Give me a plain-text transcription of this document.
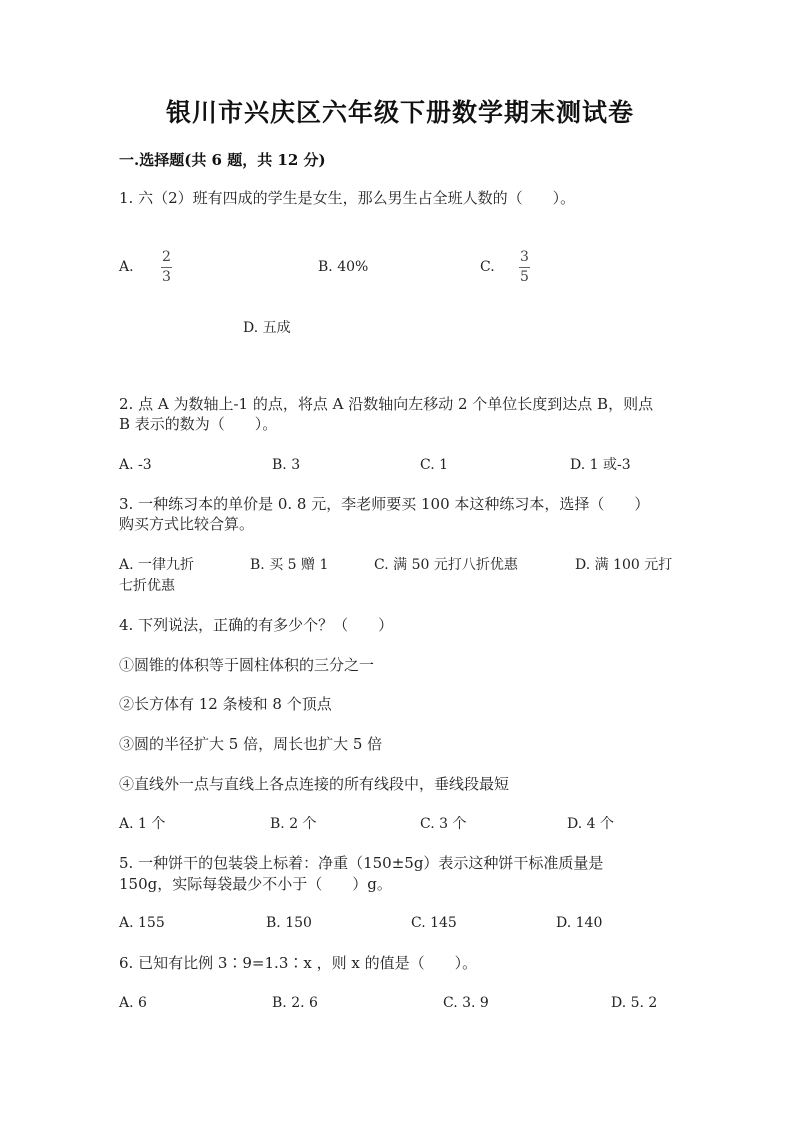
银川市兴庆区六年级下册数学期末测试卷
一.选择题(共 6 题，共 12 分)
1. 六（2）班有四成的学生是女生，那么男生占全班人数的（　　）。
A.
2
3
B. 40%	C.
3
5
D. 五成
2. 点 A 为数轴上-1 的点，将点 A 沿数轴向左移动 2 个单位长度到达点 B，则点
B 表示的数为（　　）。
A. -3	B. 3	C. 1	D. 1 或-3
3. 一种练习本的单价是 0. 8 元，李老师要买 100 本这种练习本，选择（　　）
购买方式比较合算。
A. 一律九折	B. 买 5 赠 1	C. 满 50 元打八折优惠	D. 满 100 元打
七折优惠
4. 下列说法，正确的有多少个？（　　）
①圆锥的体积等于圆柱体积的三分之一
②长方体有 12 条棱和 8 个顶点
③圆的半径扩大 5 倍，周长也扩大 5 倍
④直线外一点与直线上各点连接的所有线段中，垂线段最短
A. 1 个	B. 2 个	C. 3 个	D. 4 个
5. 一种饼干的包装袋上标着：净重（150±5g）表示这种饼干标准质量是
150g，实际每袋最少不小于（　　）g。
A. 155	B. 150	C. 145	D. 140
6. 已知有比例 3∶9=1.3∶x ，则 x 的值是（　　）。
A. 6	B. 2. 6	C. 3. 9	D. 5. 2
